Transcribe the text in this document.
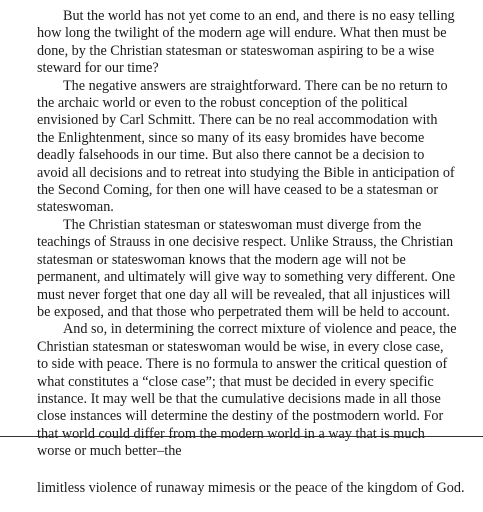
But the world has not yet come to an end, and there is no easy telling how long the twilight of the modern age will endure. What then must be done, by the Christian statesman or stateswoman aspiring to be a wise steward for our time?

The negative answers are straightforward. There can be no return to the archaic world or even to the robust conception of the political envisioned by Carl Schmitt. There can be no real accommodation with the Enlightenment, since so many of its easy bromides have become deadly falsehoods in our time. But also there cannot be a decision to avoid all decisions and to retreat into studying the Bible in anticipation of the Second Coming, for then one will have ceased to be a statesman or stateswoman.

The Christian statesman or stateswoman must diverge from the teachings of Strauss in one decisive respect. Unlike Strauss, the Christian statesman or stateswoman knows that the modern age will not be permanent, and ultimately will give way to something very different. One must never forget that one day all will be revealed, that all injustices will be exposed, and that those who perpetrated them will be held to account.

And so, in determining the correct mixture of violence and peace, the Christian statesman or stateswoman would be wise, in every close case, to side with peace. There is no formula to answer the critical question of what constitutes a “close case”; that must be decided in every specific instance. It may well be that the cumulative decisions made in all those close instances will determine the destiny of the postmodern world. For that world could differ from the modern world in a way that is much worse or much better–the

limitless violence of runaway mimesis or the peace of the kingdom of God.
